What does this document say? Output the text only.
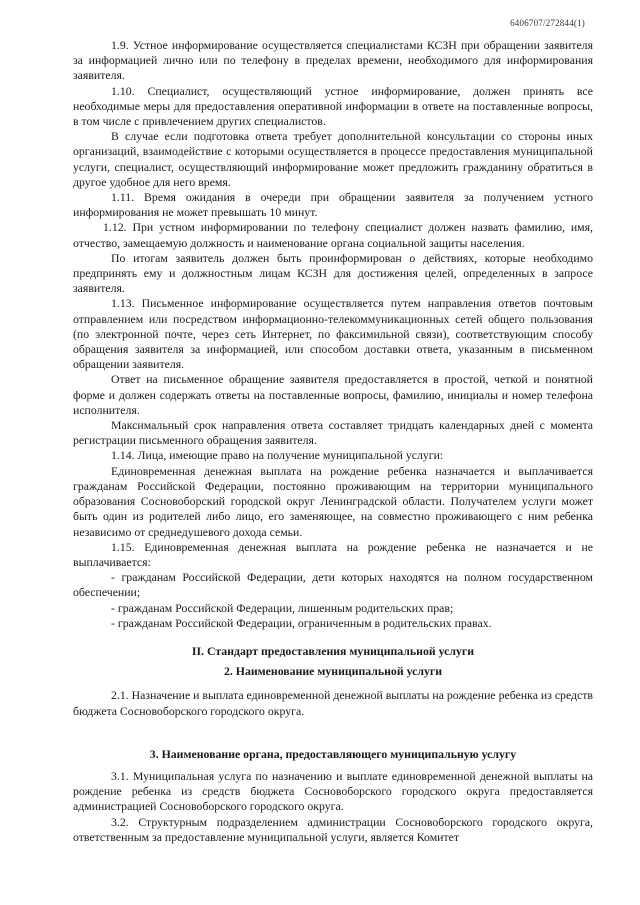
6406707/272844(1)

1.9. Устное информирование осуществляется специалистами КСЗН при обращении заявителя за информацией лично или по телефону в пределах времени, необходимого для информирования заявителя.

1.10. Специалист, осуществляющий устное информирование, должен принять все необходимые меры для предоставления оперативной информации в ответе на поставленные вопросы, в том числе с привлечением других специалистов.

В случае если подготовка ответа требует дополнительной консультации со стороны иных организаций, взаимодействие с которыми осуществляется в процессе предоставления муниципальной услуги, специалист, осуществляющий информирование может предложить гражданину обратиться в другое удобное для него время.

1.11. Время ожидания в очереди при обращении заявителя за получением устного информирования не может превышать 10 минут.

1.12. При устном информировании по телефону специалист должен назвать фамилию, имя, отчество, замещаемую должность и наименование органа социальной защиты населения.

По итогам заявитель должен быть проинформирован о действиях, которые необходимо предпринять ему и должностным лицам КСЗН для достижения целей, определенных в запросе заявителя.

1.13. Письменное информирование осуществляется путем направления ответов почтовым отправлением или посредством информационно-телекоммуникационных сетей общего пользования (по электронной почте, через сеть Интернет, по факсимильной связи), соответствующим способу обращения заявителя за информацией, или способом доставки ответа, указанным в письменном обращении заявителя.

Ответ на письменное обращение заявителя предоставляется в простой, четкой и понятной форме и должен содержать ответы на поставленные вопросы, фамилию, инициалы и номер телефона исполнителя.

Максимальный срок направления ответа составляет тридцать календарных дней с момента регистрации письменного обращения заявителя.

1.14. Лица, имеющие право на получение муниципальной услуги:

Единовременная денежная выплата на рождение ребенка назначается и выплачивается гражданам Российской Федерации, постоянно проживающим на территории муниципального образования Сосновоборский городской округ Ленинградской области. Получателем услуги может быть один из родителей либо лицо, его заменяющее, на совместно проживающего с ним ребенка независимо от среднедушевого дохода семьи.

1.15. Единовременная денежная выплата на рождение ребенка не назначается и не выплачивается:

- гражданам Российской Федерации, дети которых находятся на полном государственном обеспечении;

- гражданам Российской Федерации, лишенным родительских прав;

- гражданам Российской Федерации, ограниченным в родительских правах.

II. Стандарт предоставления муниципальной услуги

2. Наименование муниципальной услуги

2.1. Назначение и выплата единовременной денежной выплаты на рождение ребенка из средств бюджета Сосновоборского городского округа.

3. Наименование органа, предоставляющего муниципальную услугу

3.1. Муниципальная услуга по назначению и выплате единовременной денежной выплаты на рождение ребенка из средств бюджета Сосновоборского городского округа предоставляется администрацией Сосновоборского городского округа.

3.2. Структурным подразделением администрации Сосновоборского городского округа, ответственным за предоставление муниципальной услуги, является Комитет
